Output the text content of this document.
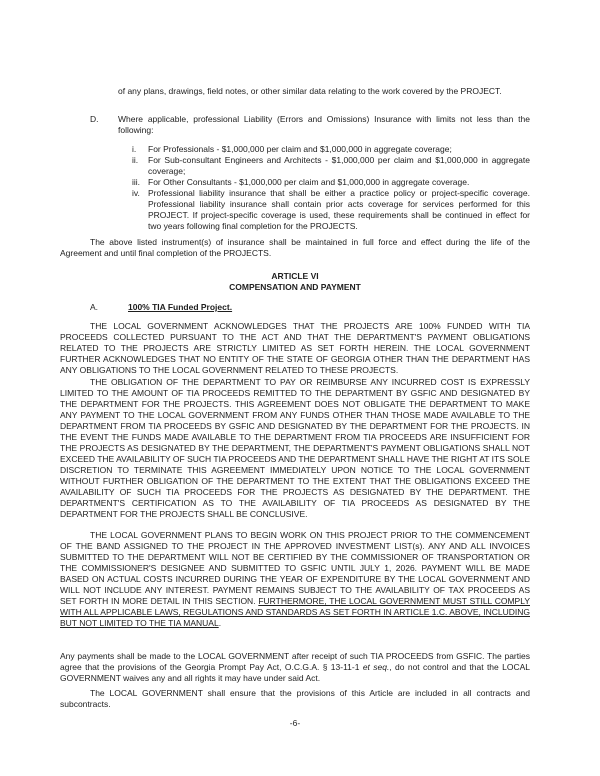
of any plans, drawings, field notes, or other similar data relating to the work covered by the PROJECT.

D. Where applicable, professional Liability (Errors and Omissions) Insurance with limits not less than the following:

i. For Professionals - $1,000,000 per claim and $1,000,000 in aggregate coverage;

ii. For Sub-consultant Engineers and Architects - $1,000,000 per claim and $1,000,000 in aggregate coverage;

iii. For Other Consultants - $1,000,000 per claim and $1,000,000 in aggregate coverage.

iv. Professional liability insurance that shall be either a practice policy or project-specific coverage. Professional liability insurance shall contain prior acts coverage for services performed for this PROJECT. If project-specific coverage is used, these requirements shall be continued in effect for two years following final completion for the PROJECTS.

The above listed instrument(s) of insurance shall be maintained in full force and effect during the life of the Agreement and until final completion of the PROJECTS.

ARTICLE VI
COMPENSATION AND PAYMENT
A.	100% TIA Funded Project.

THE LOCAL GOVERNMENT ACKNOWLEDGES THAT THE PROJECTS ARE 100% FUNDED WITH TIA PROCEEDS COLLECTED PURSUANT TO THE ACT AND THAT THE DEPARTMENT'S PAYMENT OBLIGATIONS RELATED TO THE PROJECTS ARE STRICTLY LIMITED AS SET FORTH HEREIN. THE LOCAL GOVERNMENT FURTHER ACKNOWLEDGES THAT NO ENTITY OF THE STATE OF GEORGIA OTHER THAN THE DEPARTMENT HAS ANY OBLIGATIONS TO THE LOCAL GOVERNMENT RELATED TO THESE PROJECTS.

THE OBLIGATION OF THE DEPARTMENT TO PAY OR REIMBURSE ANY INCURRED COST IS EXPRESSLY LIMITED TO THE AMOUNT OF TIA PROCEEDS REMITTED TO THE DEPARTMENT BY GSFIC AND DESIGNATED BY THE DEPARTMENT FOR THE PROJECTS. THIS AGREEMENT DOES NOT OBLIGATE THE DEPARTMENT TO MAKE ANY PAYMENT TO THE LOCAL GOVERNMENT FROM ANY FUNDS OTHER THAN THOSE MADE AVAILABLE TO THE DEPARTMENT FROM TIA PROCEEDS BY GSFIC AND DESIGNATED BY THE DEPARTMENT FOR THE PROJECTS. IN THE EVENT THE FUNDS MADE AVAILABLE TO THE DEPARTMENT FROM TIA PROCEEDS ARE INSUFFICIENT FOR THE PROJECTS AS DESIGNATED BY THE DEPARTMENT, THE DEPARTMENT'S PAYMENT OBLIGATIONS SHALL NOT EXCEED THE AVAILABILITY OF SUCH TIA PROCEEDS AND THE DEPARTMENT SHALL HAVE THE RIGHT AT ITS SOLE DISCRETION TO TERMINATE THIS AGREEMENT IMMEDIATELY UPON NOTICE TO THE LOCAL GOVERNMENT WITHOUT FURTHER OBLIGATION OF THE DEPARTMENT TO THE EXTENT THAT THE OBLIGATIONS EXCEED THE AVAILABILITY OF SUCH TIA PROCEEDS FOR THE PROJECTS AS DESIGNATED BY THE DEPARTMENT. THE DEPARTMENT'S CERTIFICATION AS TO THE AVAILABILITY OF TIA PROCEEDS AS DESIGNATED BY THE DEPARTMENT FOR THE PROJECTS SHALL BE CONCLUSIVE.

THE LOCAL GOVERNMENT PLANS TO BEGIN WORK ON THIS PROJECT PRIOR TO THE COMMENCEMENT OF THE BAND ASSIGNED TO THE PROJECT IN THE APPROVED INVESTMENT LIST(s). ANY AND ALL INVOICES SUBMITTED TO THE DEPARTMENT WILL NOT BE CERTIFIED BY THE COMMISSIONER OF TRANSPORTATION OR THE COMMISSIONER'S DESIGNEE AND SUBMITTED TO GSFIC UNTIL JULY 1, 2026. PAYMENT WILL BE MADE BASED ON ACTUAL COSTS INCURRED DURING THE YEAR OF EXPENDITURE BY THE LOCAL GOVERNMENT AND WILL NOT INCLUDE ANY INTEREST. PAYMENT REMAINS SUBJECT TO THE AVAILABILITY OF TAX PROCEEDS AS SET FORTH IN MORE DETAIL IN THIS SECTION. FURTHERMORE, THE LOCAL GOVERNMENT MUST STILL COMPLY WITH ALL APPLICABLE LAWS, REGULATIONS AND STANDARDS AS SET FORTH IN ARTICLE 1.C. ABOVE, INCLUDING BUT NOT LIMITED TO THE TIA MANUAL.

Any payments shall be made to the LOCAL GOVERNMENT after receipt of such TIA PROCEEDS from GSFIC. The parties agree that the provisions of the Georgia Prompt Pay Act, O.C.G.A. § 13-11-1 et seq., do not control and that the LOCAL GOVERNMENT waives any and all rights it may have under said Act.

The LOCAL GOVERNMENT shall ensure that the provisions of this Article are included in all contracts and subcontracts.

-6-
